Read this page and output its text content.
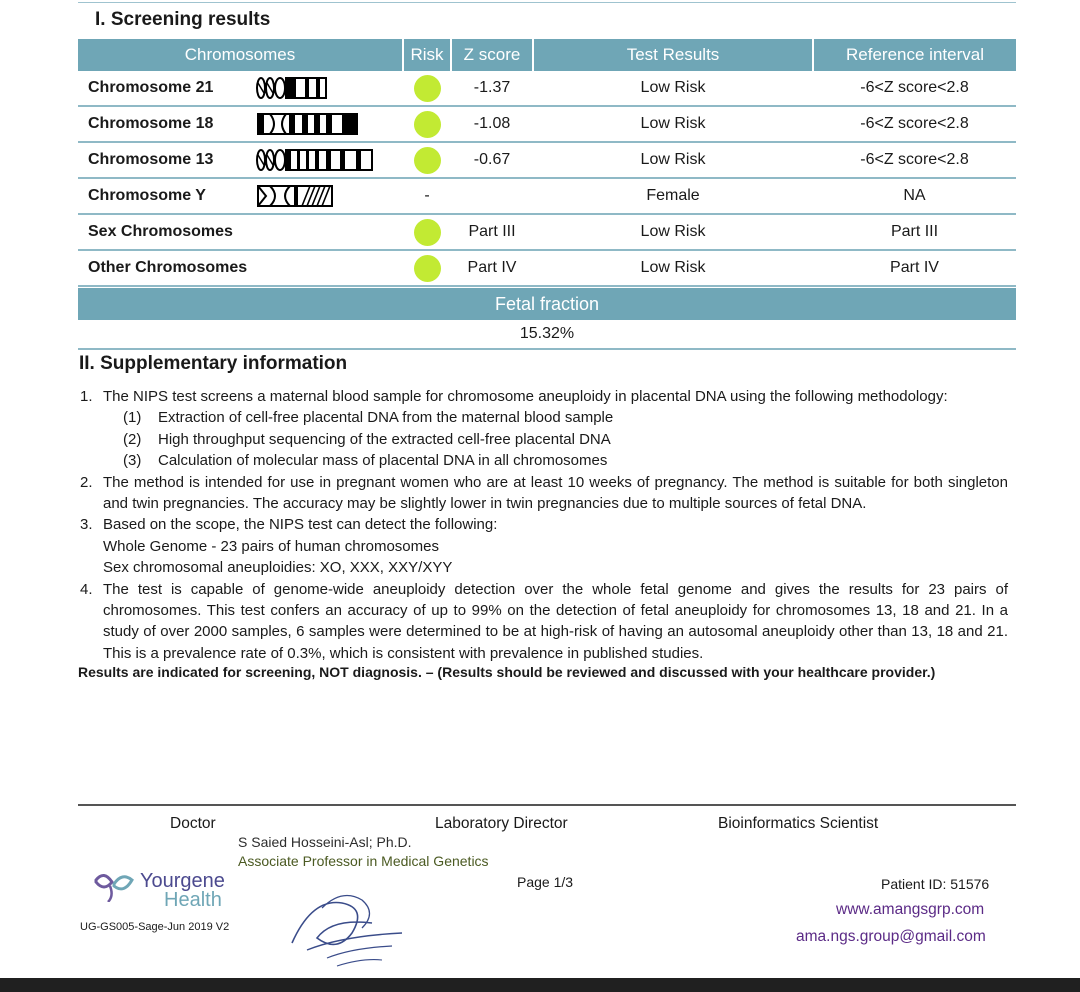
I. Screening results
Chromosomes	Risk	Z score	Test Results	Reference interval
Chromosome 21		-1.37	Low Risk	-6<Z score<2.8
Chromosome 18		-1.08	Low Risk	-6<Z score<2.8
Chromosome 13		-0.67	Low Risk	-6<Z score<2.8
Chromosome Y	-		Female	NA
Sex Chromosomes		Part III	Low Risk	Part III
Other Chromosomes		Part IV	Low Risk	Part IV
Fetal fraction
15.32%
II. Supplementary information
1. The NIPS test screens a maternal blood sample for chromosome aneuploidy in placental DNA using the following methodology:
(1) Extraction of cell-free placental DNA from the maternal blood sample
(2) High throughput sequencing of the extracted cell-free placental DNA
(3) Calculation of molecular mass of placental DNA in all chromosomes
2. The method is intended for use in pregnant women who are at least 10 weeks of pregnancy. The method is suitable for both singleton and twin pregnancies. The accuracy may be slightly lower in twin pregnancies due to multiple sources of fetal DNA.
3. Based on the scope, the NIPS test can detect the following:
Whole Genome - 23 pairs of human chromosomes
Sex chromosomal aneuploidies: XO, XXX, XXY/XYY
4. The test is capable of genome-wide aneuploidy detection over the whole fetal genome and gives the results for 23 pairs of chromosomes. This test confers an accuracy of up to 99% on the detection of fetal aneuploidy for chromosomes 13, 18 and 21. In a study of over 2000 samples, 6 samples were determined to be at high-risk of having an autosomal aneuploidy other than 13, 18 and 21. This is a prevalence rate of 0.3%, which is consistent with prevalence in published studies.
Results are indicated for screening, NOT diagnosis. – (Results should be reviewed and discussed with your healthcare provider.)
Doctor	Laboratory Director	Bioinformatics Scientist
S Saied Hosseini-Asl; Ph.D.
Associate Professor in Medical Genetics
Page 1/3	Patient ID: 51576
www.amangsgrp.com
ama.ngs.group@gmail.com
Yourgene
Health
UG-GS005-Sage-Jun 2019 V2
